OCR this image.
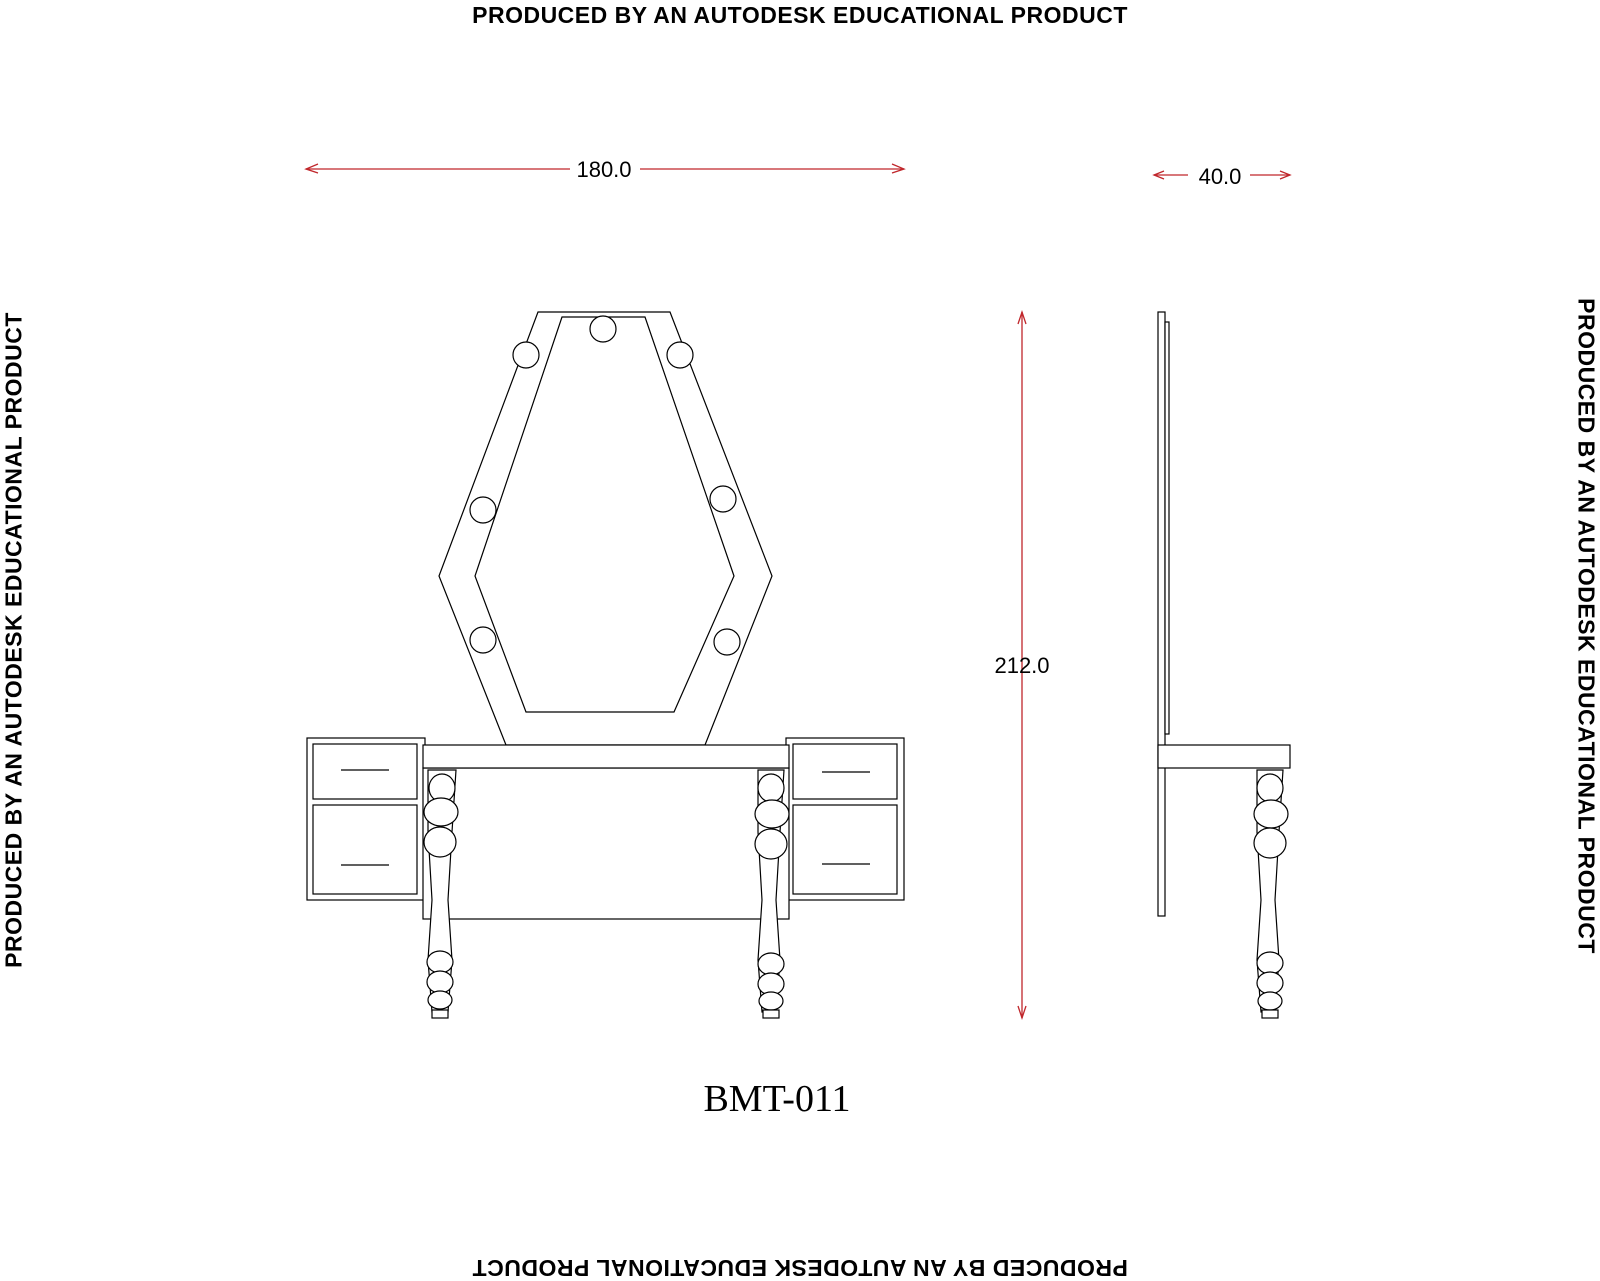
PRODUCED BY AN AUTODESK EDUCATIONAL PRODUCT
PRODUCED BY AN AUTODESK EDUCATIONAL PRODUCT
PRODUCED BY AN AUTODESK EDUCATIONAL PRODUCT	PRODUCED BY AN AUTODESK EDUCATIONAL PRODUCT
180.0	40.0
212.0
BMT-011
